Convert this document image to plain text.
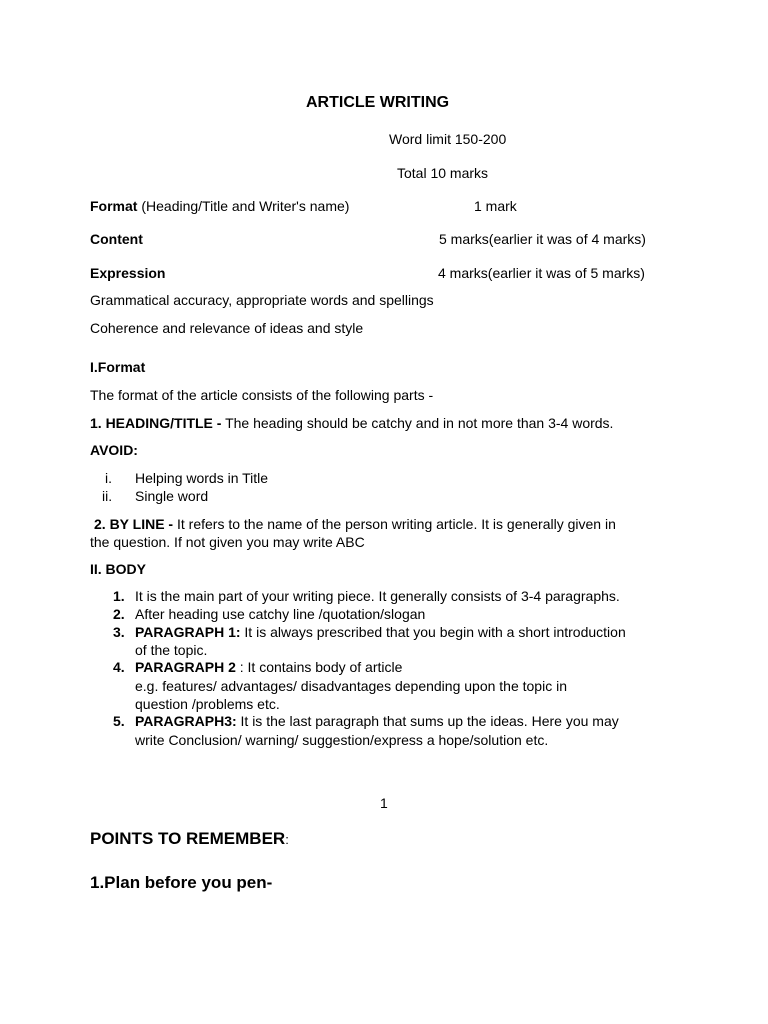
ARTICLE WRITING
Word limit 150-200
Total 10 marks
Format (Heading/Title and Writer's name)	1 mark
Content	5 marks(earlier it was of 4 marks)
Expression	4 marks(earlier it was of 5 marks)
Grammatical accuracy, appropriate words and spellings
Coherence and relevance of ideas and style
I.Format
The format of the article consists of the following parts -
1. HEADING/TITLE - The heading should be catchy and in not more than 3-4 words.
AVOID:
i. Helping words in Title
ii. Single word
2. BY LINE - It refers to the name of the person writing article. It is generally given in
the question. If not given you may write ABC
II. BODY
1. It is the main part of your writing piece. It generally consists of 3-4 paragraphs.
2. After heading use catchy line /quotation/slogan
3. PARAGRAPH 1: It is always prescribed that you begin with a short introduction
of the topic.
4. PARAGRAPH 2 : It contains body of article
e.g. features/ advantages/ disadvantages depending upon the topic in
question /problems etc.
5. PARAGRAPH3: It is the last paragraph that sums up the ideas. Here you may
write Conclusion/ warning/ suggestion/express a hope/solution etc.
1
POINTS TO REMEMBER:
1.Plan before you pen-
